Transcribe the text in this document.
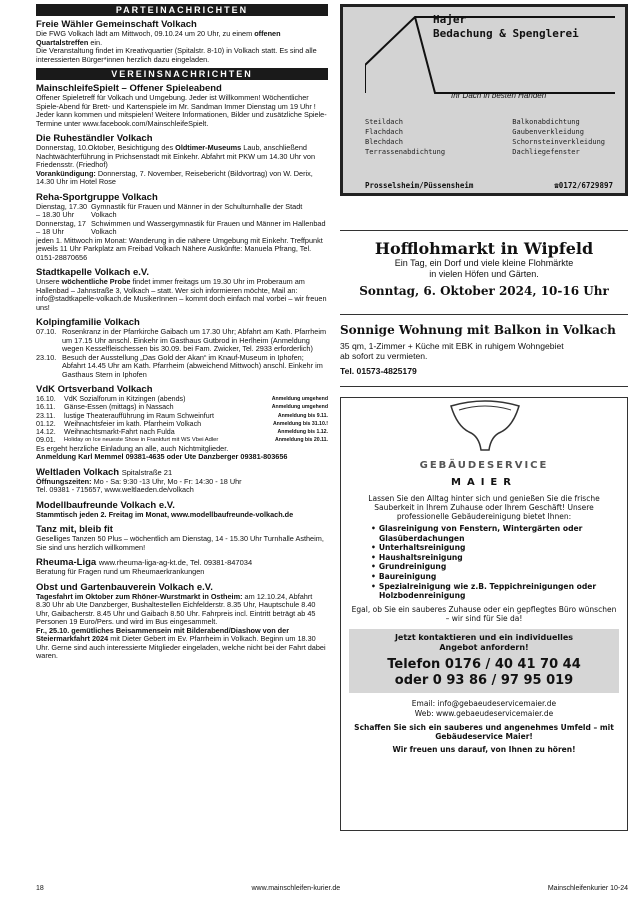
PARTEINACHRICHTEN
Freie Wähler Gemeinschaft Volkach

Die FWG Volkach lädt am Mittwoch, 09.10.24 um 20 Uhr, zu einem offenen Quartalstreffen ein.

Die Veranstaltung findet im Kreativquartier (Spitalstr. 8-10) in Volkach statt. Es sind alle interessierten Bürger*innen herzlich dazu eingeladen.

VEREINSNACHRICHTEN
MainschleifeSpielt – Offener Spieleabend

Offener Spieletreff für Volkach und Umgebung. Jeder ist Willkommen! Wöchentlicher Spiele-Abend für Brett- und Kartenspiele im Mr. Sandman Immer Dienstag um 19 Uhr ! Jeder kann kommen und mitspielen! Weitere Informationen, Bilder und zusätzliche Spiele-Termine unter www.facebook.com/MainschleifeSpielt.

Die Ruheständler Volkach

Donnerstag, 10.Oktober, Besichtigung des Oldtimer-Museums Laub, anschließend Nachtwächterführung in Prichsenstadt mit Einkehr. Abfahrt mit PKW um 14.30 Uhr von Friedensstr. (Friedhof)

Vorankündigung: Donnerstag, 7. November, Reisebericht (Bildvortrag) von W. Derix, 14.30 Uhr im Hotel Rose

Reha-Sportgruppe Volkach
Dienstag, 17.30 – 18.30 Uhr
Gymnastik für Frauen und Männer in der Schulturnhalle der Stadt Volkach
Donnerstag, 17 – 18 Uhr
Schwimmen und Wassergymnastik für Frauen und Männer im Hallenbad Volkach

jeden 1. Mittwoch im Monat: Wanderung in die nähere Umgebung mit Einkehr. Treffpunkt jeweils 11 Uhr Parkplatz am Freibad Volkach Nähere Auskünfte: Manuela Pfrang, Tel. 0151-28870656

Stadtkapelle Volkach e.V.

Unsere wöchentliche Probe findet immer freitags um 19.30 Uhr im Proberaum am Hallenbad – Jahnstraße 3, Volkach – statt. Wer sich informieren möchte, Mail an: info@stadtkapelle-volkach.de MusikerInnen – kommt doch einfach mal vorbei – wir freuen uns!

Kolpingfamilie Volkach
07.10. Rosenkranz in der Pfarrkirche Gaibach um 17.30 Uhr; Abfahrt am Kath. Pfarrheim um 17.15 Uhr anschl. Einkehr im Gasthaus Gutbrod in Herlheim (Anmeldung wegen Kesselfleischessen bis 30.09. bei Fam. Zwicker, Tel. 2933 erforderlich)
23.10. Besuch der Ausstellung „Das Gold der Akan“ im Knauf-Museum in Iphofen; Abfahrt 14.45 Uhr am Kath. Pfarrheim (abweichend Mittwoch) anschl. Einkehr im Gasthaus Stern in Iphofen
VdK Ortsverband Volkach
16.10.	VdK Sozialforum in Kitzingen (abends)	Anmeldung umgehend
16.11.	Gänse-Essen (mittags) in Nassach	Anmeldung umgehend
23.11.	lustige Theateraufführung im Raum Schweinfurt	Anmeldung bis 9.11.
01.12.	Weihnachtsfeier im kath. Pfarrheim Volkach	Anmeldung bis 31.10.!
14.12.	Weihnachtsmarkt-Fahrt nach Fulda	Anmeldung bis 1.12.
09.01.	Holiday on Ice neueste Show in Frankfurt mit WS Vbei Adler	Anmeldung bis 20.11.

Es ergeht herzliche Einladung an alle, auch Nichtmitglieder.

Anmeldung Karl Memmel 09381-4635 oder Ute Danzberger 09381-803656

Weltladen Volkach Spitalstraße 21

Öffnungszeiten: Mo - Sa: 9:30 -13 Uhr, Mo - Fr: 14:30 - 18 Uhr

Tel. 09381 - 715657, www.weltlaeden.de/volkach

Modellbaufreunde Volkach e.V.

Stammtisch jeden 2. Freitag im Monat, www.modellbaufreunde-volkach.de

Tanz mit, bleib fit

Geselliges Tanzen 50 Plus – wöchentlich am Dienstag, 14 - 15.30 Uhr Turnhalle Astheim, Sie sind uns herzlich willkommen!

Rheuma-Liga www.rheuma-liga-ag-kt.de, Tel. 09381-847034

Beratung für Fragen rund um Rheumaerkrankungen

Obst und Gartenbauverein Volkach e.V.

Tagesfahrt im Oktober zum Rhöner-Wurstmarkt in Ostheim: am 12.10.24, Abfahrt 8.30 Uhr ab Ute Danzberger, Bushaltestellen Eichfelderstr. 8.35 Uhr, Hauptschule 8.40 Uhr, Gaibacherstr. 8.45 Uhr und Gaibach 8.50 Uhr. Fahrpreis incl. Eintritt beträgt ab 45 Personen 19 Euro/Pers. und wird im Bus eingesammelt.

Fr., 25.10. gemütliches Beisammensein mit Bilderabend/Diashow von der Steiermarkfahrt 2024 mit Dieter Gebert im Ev. Pfarrheim in Volkach. Beginn um 18.30 Uhr. Gerne sind auch interessierte Mitglieder eingeladen, welche nicht bei der Fahrt dabei waren.

Hajer
Bedachung & Spenglerei
Ihr Dach in besten Händen
Steildach
Flachdach
Blechdach
Terrassenabdichtung
Balkonabdichtung
Gaubenverkleidung
Schornsteinverkleidung
Dachliegefenster
Prosselsheim/Püssensheim	☎0172/6729897
Hofflohmarkt in Wipfeld
Ein Tag, ein Dorf und viele kleine Flohmärkte
in vielen Höfen und Gärten.
Sonntag, 6. Oktober 2024, 10-16 Uhr
Sonnige Wohnung mit Balkon in Volkach
35 qm, 1-Zimmer + Küche mit EBK in ruhigem Wohngebiet
ab sofort zu vermieten.
Tel. 01573-4825179
GEBÄUDESERVICE
MAIER
Lassen Sie den Alltag hinter sich und genießen Sie die frische Sauberkeit in Ihrem Zuhause oder Ihrem Geschäft! Unsere professionelle Gebäudereinigung bietet Ihnen:
• Glasreinigung von Fenstern, Wintergärten oder Glasüberdachungen
• Unterhaltsreinigung
• Haushaltsreinigung
• Grundreinigung
• Baureinigung
• Spezialreinigung wie z.B. Teppichreinigungen oder Holzbodenreinigung
Egal, ob Sie ein sauberes Zuhause oder ein gepflegtes Büro wünschen – wir sind für Sie da!
Jetzt kontaktieren und ein individuelles
Angebot anfordern!
Telefon 0176 / 40 41 70 44
oder 0 93 86 / 97 95 019
Email: info@gebaeudeservicemaier.de
Web: www.gebaeudeservicemaier.de
Schaffen Sie sich ein sauberes und angenehmes Umfeld – mit Gebäudeservice Maier!
Wir freuen uns darauf, von Ihnen zu hören!
18	www.mainschleifen-kurier.de	Mainschleifenkurier 10-24
